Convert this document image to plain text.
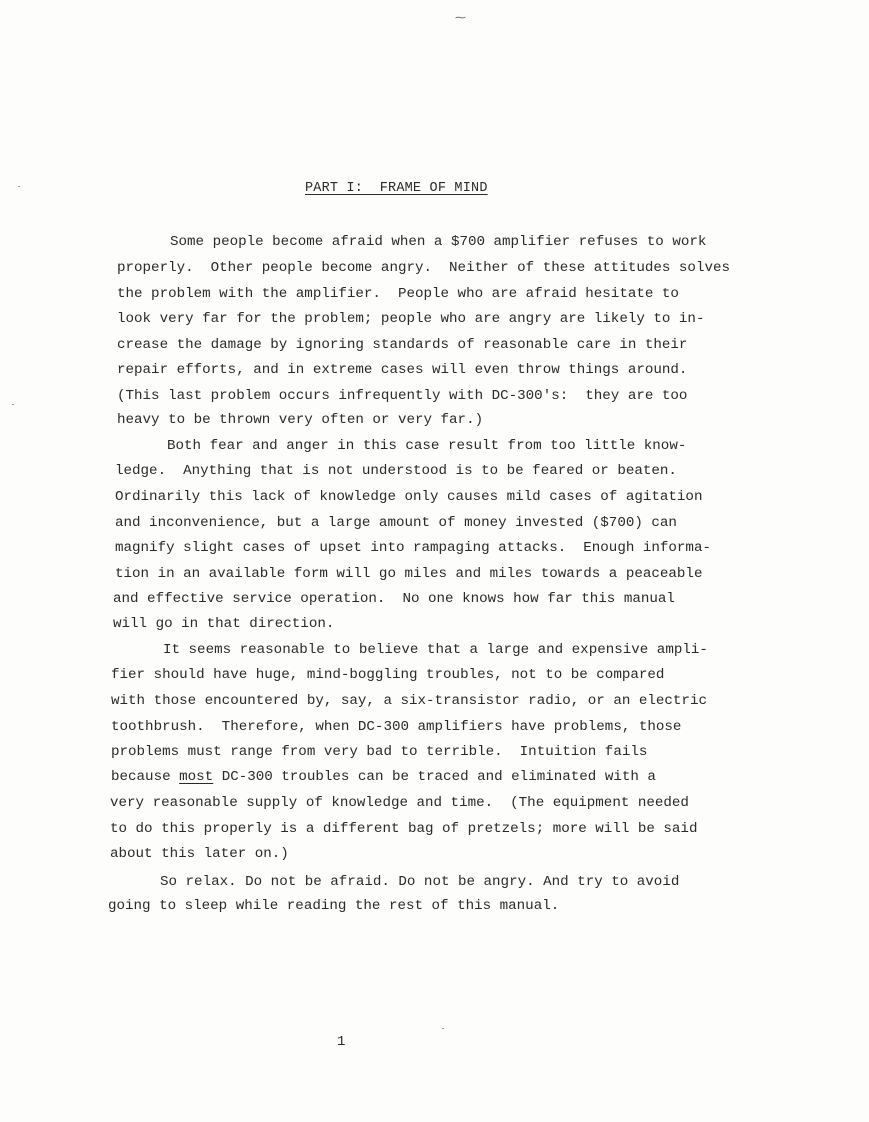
⁓
PART I:  FRAME OF MIND
Some people become afraid when a $700 amplifier refuses to work
properly.  Other people become angry.  Neither of these attitudes solves
the problem with the amplifier.  People who are afraid hesitate to
look very far for the problem; people who are angry are likely to in-
crease the damage by ignoring standards of reasonable care in their
repair efforts, and in extreme cases will even throw things around.
(This last problem occurs infrequently with DC-300's:  they are too
heavy to be thrown very often or very far.)
Both fear and anger in this case result from too little know-
ledge.  Anything that is not understood is to be feared or beaten.
Ordinarily this lack of knowledge only causes mild cases of agitation
and inconvenience, but a large amount of money invested ($700) can
magnify slight cases of upset into rampaging attacks.  Enough informa-
tion in an available form will go miles and miles towards a peaceable
and effective service operation.  No one knows how far this manual
will go in that direction.
It seems reasonable to believe that a large and expensive ampli-
fier should have huge, mind-boggling troubles, not to be compared
with those encountered by, say, a six-transistor radio, or an electric
toothbrush.  Therefore, when DC-300 amplifiers have problems, those
problems must range from very bad to terrible.  Intuition fails
because most DC-300 troubles can be traced and eliminated with a
very reasonable supply of knowledge and time.  (The equipment needed
to do this properly is a different bag of pretzels; more will be said
about this later on.)
So relax. Do not be afraid. Do not be angry. And try to avoid
going to sleep while reading the rest of this manual.
1
